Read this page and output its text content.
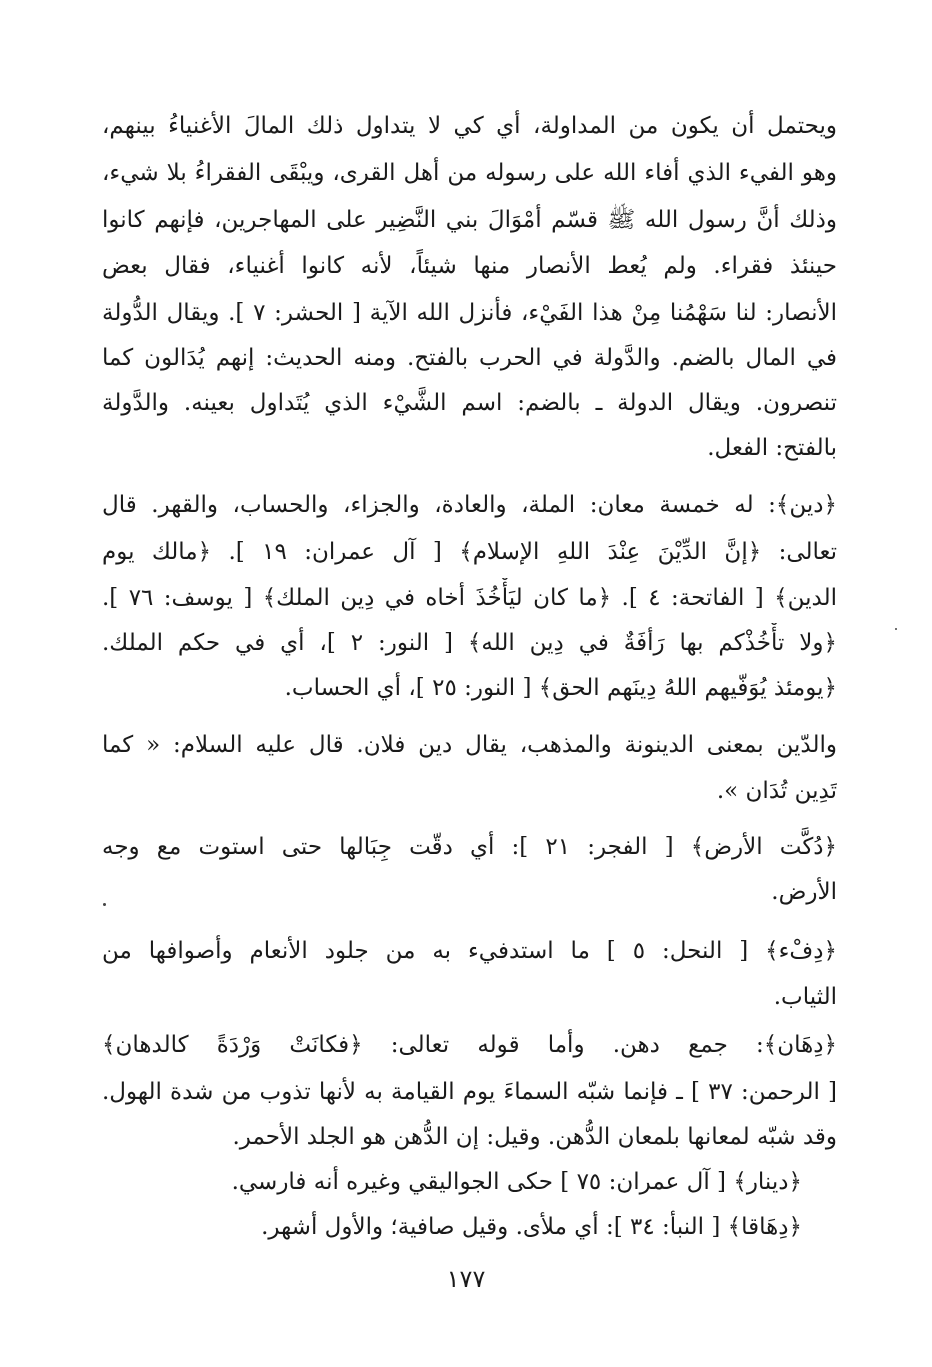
ويحتمل أن يكون من المداولة، أي كي لا يتداول ذلك المالَ الأغنياءُ بينهم،
وهو الفيء الذي أفاء الله على رسوله من أهل القرى، ويبْقَى الفقراءُ بلا شيء،
وذلك أنَّ رسول الله ﷺ قسّم أمْوَالَ بني النَّضِير على المهاجرين، فإنهم كانوا
حينئذ فقراء. ولم يُعط الأنصار منها شيئاً، لأنه كانوا أغنياء، فقال بعض
الأنصار: لنا سَهْمُنا مِنْ هذا الفَيْء، فأنزل الله الآية [ الحشر: ٧ ]. ويقال الدُّولة
في المال بالضم. والدَّولة في الحرب بالفتح. ومنه الحديث: إنهم يُدَالون كما
تنصرون. ويقال الدولة ـ بالضم: اسم الشَّيْء الذي يُتَداول بعينه. والدَّولة
بالفتح: الفعل.
﴿دين﴾: له خمسة معان: الملة، والعادة، والجزاء، والحساب، والقهر. قال
تعالى: ﴿إنَّ الدِّيْنَ عِنْدَ اللهِ الإسلام﴾ [ آل عمران: ١٩ ]. ﴿مالك يوم
الدين﴾ [ الفاتحة: ٤ ]. ﴿ما كان ليَأْخُذَ أخاه في دِين الملك﴾ [ يوسف: ٧٦ ].
﴿ولا تأْخُذْكم بها رَأفَةٌ في دِين الله﴾ [ النور: ٢ ]، أي في حكم الملك.
﴿يومئذ يُوَفّيهم اللهُ دِينَهم الحق﴾ [ النور: ٢٥ ]، أي الحساب.
والدّين بمعنى الدينونة والمذهب، يقال دين فلان. قال عليه السلام: « كما
تَدِين تُدَان ».
﴿دُكَّت الأرض﴾ [ الفجر: ٢١ ]: أي دقّت جِبَالها حتى استوت مع وجه
الأرض.
﴿دِفْء﴾ [ النحل: ٥ ] ما استدفيء به من جلود الأنعام وأصوافها من
الثياب.
﴿دِهَان﴾: جمع دهن. وأما قوله تعالى: ﴿فكانَتْ وَرْدَةً كالدهان﴾
[ الرحمن: ٣٧ ] ـ فإنما شبّه السماءَ يوم القيامة به لأنها تذوب من شدة الهول.
وقد شبّه لمعانها بلمعان الدُّهن. وقيل: إن الدُّهن هو الجلد الأحمر.
﴿دينار﴾ [ آل عمران: ٧٥ ] حكى الجواليقي وغيره أنه فارسي.
﴿دِهَاقا﴾ [ النبأ: ٣٤ ]: أي ملأى. وقيل صافية؛ والأول أشهر.
١٧٧
